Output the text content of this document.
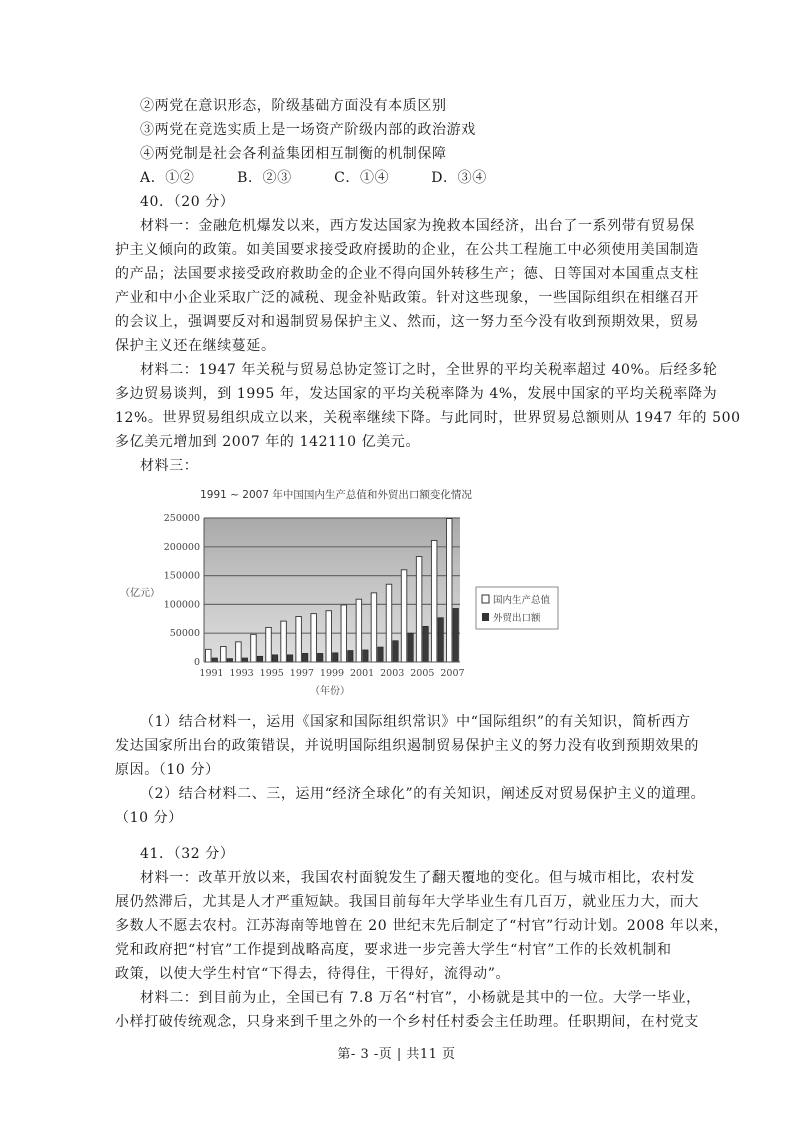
②两党在意识形态，阶级基础方面没有本质区别
③两党在竞选实质上是一场资产阶级内部的政治游戏
④两党制是社会各利益集团相互制衡的机制保障
A．①②	B．②③	C．①④	D．③④
40．（20 分）
材料一：金融危机爆发以来，西方发达国家为挽救本国经济，出台了一系列带有贸易保
护主义倾向的政策。如美国要求接受政府援助的企业，在公共工程施工中必须使用美国制造
的产品；法国要求接受政府救助金的企业不得向国外转移生产；德、日等国对本国重点支柱
产业和中小企业采取广泛的减税、现金补贴政策。针对这些现象，一些国际组织在相继召开
的会议上，强调要反对和遏制贸易保护主义、然而，这一努力至今没有收到预期效果，贸易
保护主义还在继续蔓延。
材料二：1947 年关税与贸易总协定签订之时，全世界的平均关税率超过 40%。后经多轮
多边贸易谈判，到 1995 年，发达国家的平均关税率降为 4%，发展中国家的平均关税率降为
12%。世界贸易组织成立以来，关税率继续下降。与此同时，世界贸易总额则从 1947 年的 500
多亿美元增加到 2007 年的 142110 亿美元。
材料三：
1991 ~ 2007 年中国国内生产总值和外贸出口额变化情况
0
50000
100000
150000
200000
250000
1991 1993 1995 1997 1999 2001 2003 2005 2007
（亿元）
（年份）
国内生产总值
外贸出口额
（1）结合材料一，运用《国家和国际组织常识》中“国际组织”的有关知识，简析西方
发达国家所出台的政策错误，并说明国际组织遏制贸易保护主义的努力没有收到预期效果的
原因。（10 分）
（2）结合材料二、三，运用“经济全球化”的有关知识，阐述反对贸易保护主义的道理。
（10 分）
41．（32 分）
材料一：改革开放以来，我国农村面貌发生了翻天覆地的变化。但与城市相比，农村发
展仍然滞后，尤其是人才严重短缺。我国目前每年大学毕业生有几百万，就业压力大，而大
多数人不愿去农村。江苏海南等地曾在 20 世纪末先后制定了“村官”行动计划。2008 年以来，
党和政府把“村官”工作提到战略高度，要求进一步完善大学生“村官”工作的长效机制和
政策，以使大学生村官“下得去，待得住，干得好，流得动”。
材料二：到目前为止，全国已有 7.8 万名“村官”，小杨就是其中的一位。大学一毕业，
小样打破传统观念，只身来到千里之外的一个乡村任村委会主任助理。任职期间，在村党支
第- 3 -页 | 共11 页
